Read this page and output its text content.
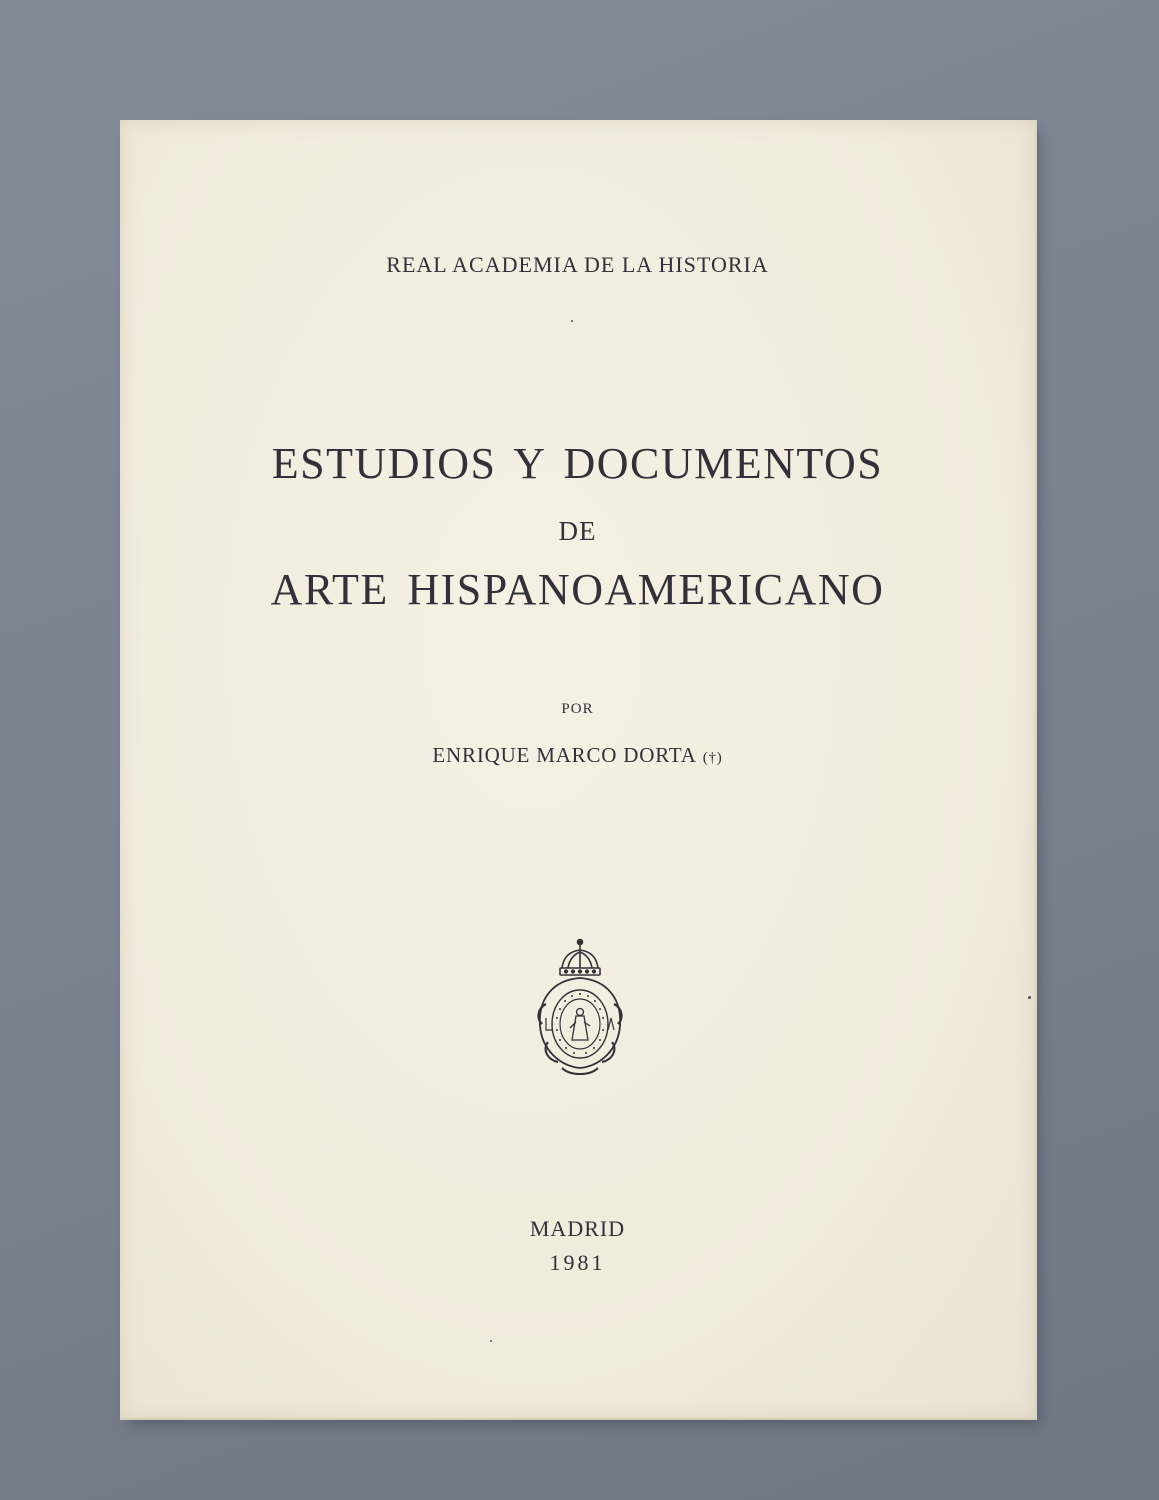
REAL ACADEMIA DE LA HISTORIA
ESTUDIOS Y DOCUMENTOS
DE
ARTE HISPANOAMERICANO
POR
ENRIQUE MARCO DORTA (†)
MADRID
1981
